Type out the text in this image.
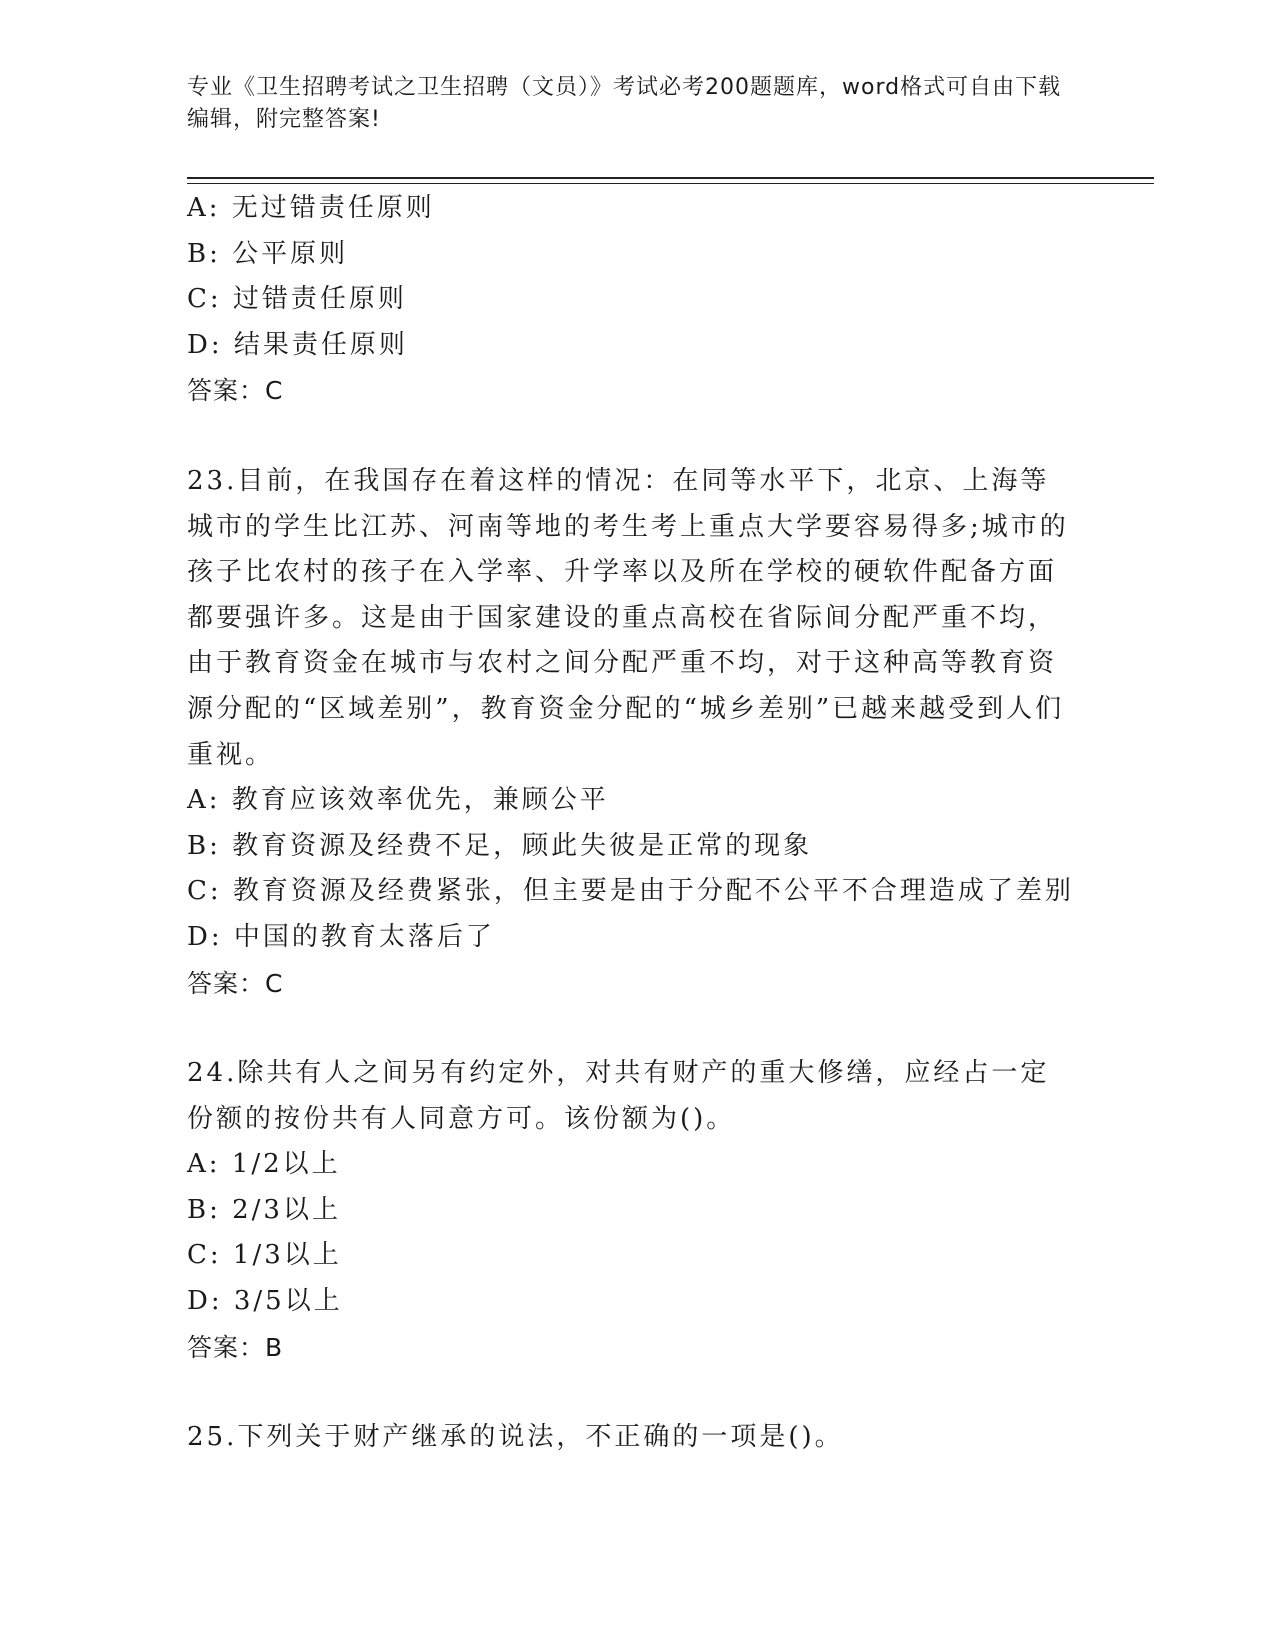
专业《卫生招聘考试之卫生招聘（文员）》考试必考200题题库，word格式可自由下载编辑，附完整答案!

A: 无过错责任原则
B: 公平原则
C: 过错责任原则
D: 结果责任原则
答案：C

23.目前，在我国存在着这样的情况：在同等水平下，北京、上海等城市的学生比江苏、河南等地的考生考上重点大学要容易得多;城市的孩子比农村的孩子在入学率、升学率以及所在学校的硬软件配备方面都要强许多。这是由于国家建设的重点高校在省际间分配严重不均，由于教育资金在城市与农村之间分配严重不均，对于这种高等教育资源分配的“区域差别”，教育资金分配的“城乡差别”已越来越受到人们重视。

A: 教育应该效率优先，兼顾公平
B: 教育资源及经费不足，顾此失彼是正常的现象
C: 教育资源及经费紧张，但主要是由于分配不公平不合理造成了差别
D: 中国的教育太落后了
答案：C

24.除共有人之间另有约定外，对共有财产的重大修缮，应经占一定份额的按份共有人同意方可。该份额为()。

A: 1/2以上
B: 2/3以上
C: 1/3以上
D: 3/5以上
答案：B

25.下列关于财产继承的说法，不正确的一项是()。
